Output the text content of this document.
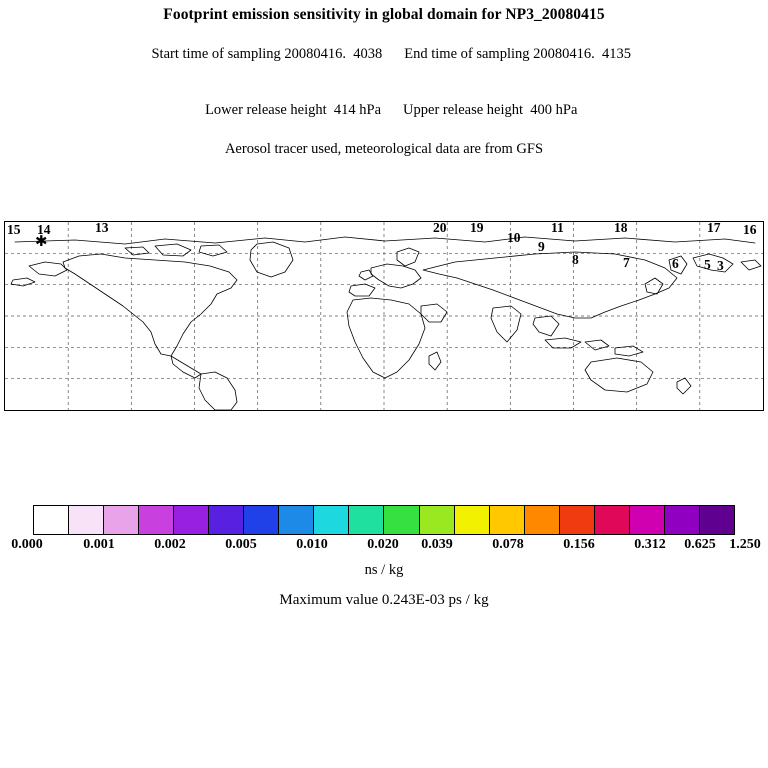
Footprint emission sensitivity in global domain for NP3_20080415

Start time of sampling 20080416.  4038 End time of sampling 20080416.  4135

Lower release height  414 hPa Upper release height  400 hPa

Aerosol tracer used, meteorological data are from GFS
15 14	13	20 19
10
9
11
8	7
18
6
17
5 3
16
✱
0.000	0.001	0.002	0.005	0.010	0.020 0.039	0.078	0.156	0.312 0.625 1.250
ns / kg
Maximum value 0.243E-03 ps / kg
